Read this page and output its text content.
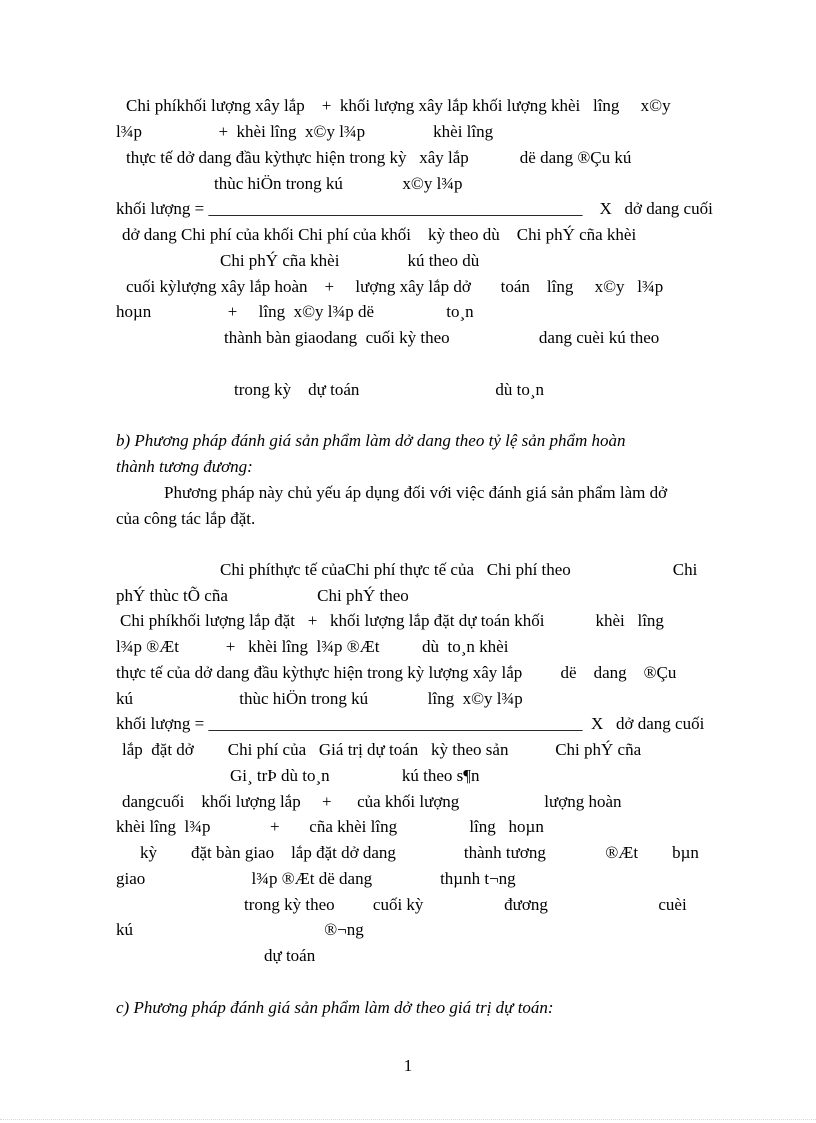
Chi phíkhối lượng xây lắp    +  khối lượng xây lắp khối lượng khèi   lîng     x©y
l¾p                  +  khèi lîng  x©y l¾p                khèi lîng
thực tế dở dang đầu kỳthực hiện trong kỳ   xây lắp            dë dang ®Çu kú
thùc hiÖn trong kú              x©y l¾p
khối lượng = ____________________________________________    X   dở dang cuối
dở dang Chi phí của khối Chi phí của khối    kỳ theo dù    Chi phÝ cña khèi
Chi phÝ cña khèi                kú theo dù
cuối kỳlượng xây lắp hoàn    +     lượng xây lắp dở       toán    lîng     x©y   l¾p
hoµn                  +     lîng  x©y l¾p dë                 to¸n
thành bàn giaodang  cuối kỳ theo                     dang cuèi kú theo
trong kỳ    dự toán                                dù to¸n
b) Phương pháp đánh giá sản phẩm làm dở dang theo tỷ lệ sản phẩm hoàn
thành tương đương:
Phương pháp này chủ yếu áp dụng đối với việc đánh giá sản phẩm làm dở
của công tác lắp đặt.
Chi phíthực tế củaChi phí thực tế của   Chi phí theo                        Chi
phÝ thùc tÕ cña                     Chi phÝ theo
Chi phíkhối lượng lắp đặt   +   khối lượng lắp đặt dự toán khối            khèi   lîng
l¾p ®Æt           +   khèi lîng  l¾p ®Æt          dù  to¸n khèi
thực tế của dở dang đầu kỳthực hiện trong kỳ lượng xây lắp         dë    dang    ®Çu
kú                         thùc hiÖn trong kú              lîng  x©y l¾p
khối lượng = ____________________________________________  X   dở dang cuối
lắp  đặt dở        Chi phí của   Giá trị dự toán   kỳ theo sản           Chi phÝ cña
Gi¸ trÞ dù to¸n                 kú theo s¶n
dangcuối    khối lượng lắp     +      của khối lượng                    lượng hoàn
khèi lîng  l¾p              +       cña khèi lîng                 lîng   hoµn
kỳ        đặt bàn giao    lắp đặt dở dang                thành tương              ®Æt        bµn
giao                         l¾p ®Æt dë dang                thµnh t¬ng
trong kỳ theo         cuối kỳ                   đương                          cuèi
kú                                             ®¬ng
dự toán
c) Phương pháp đánh giá sản phẩm làm dở theo giá trị dự toán:
1
